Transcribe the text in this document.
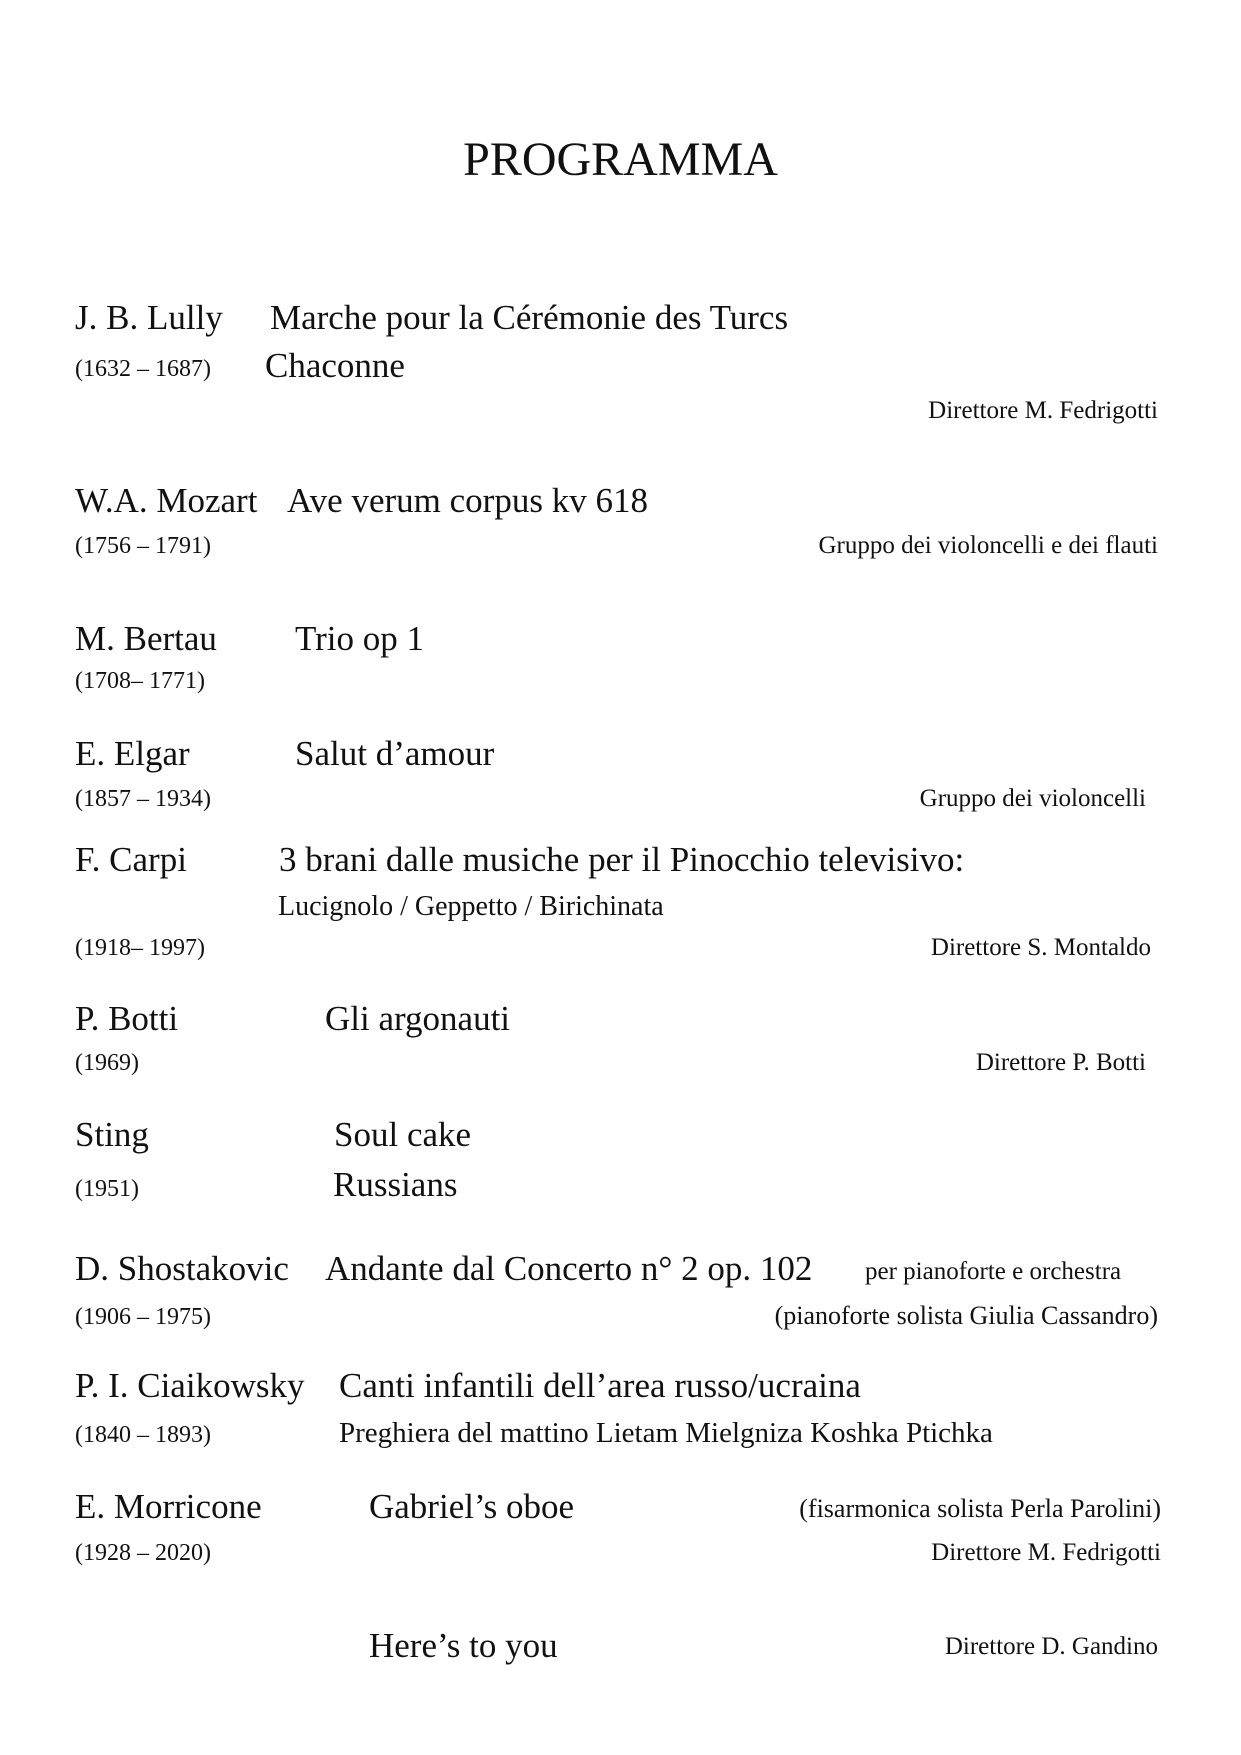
PROGRAMMA
J. B. Lully Marche pour la Cérémonie des Turcs
(1632 – 1687) Chaconne
Direttore M. Fedrigotti
W.A. Mozart Ave verum corpus kv 618
(1756 – 1791)	Gruppo dei violoncelli e dei flauti
M. Bertau Trio op 1
(1708– 1771)
E. Elgar	Salut d’amour
(1857 – 1934)	Gruppo dei violoncelli
F. Carpi	3 brani dalle musiche per il Pinocchio televisivo:
Lucignolo / Geppetto / Birichinata
(1918– 1997)	Direttore S. Montaldo
P. Botti	Gli argonauti
(1969)	Direttore P. Botti
Sting	Soul cake
(1951)	Russians
D. Shostakovic Andante dal Concerto n° 2 op. 102 per pianoforte e orchestra
(1906 – 1975)	(pianoforte solista Giulia Cassandro)
P. I. Ciaikowsky Canti infantili dell’area russo/ucraina
(1840 – 1893)	Preghiera del mattino Lietam Mielgniza Koshka Ptichka
E. Morricone	Gabriel’s oboe	(fisarmonica solista Perla Parolini)
(1928 – 2020)	Direttore M. Fedrigotti
Here’s to you	Direttore D. Gandino
